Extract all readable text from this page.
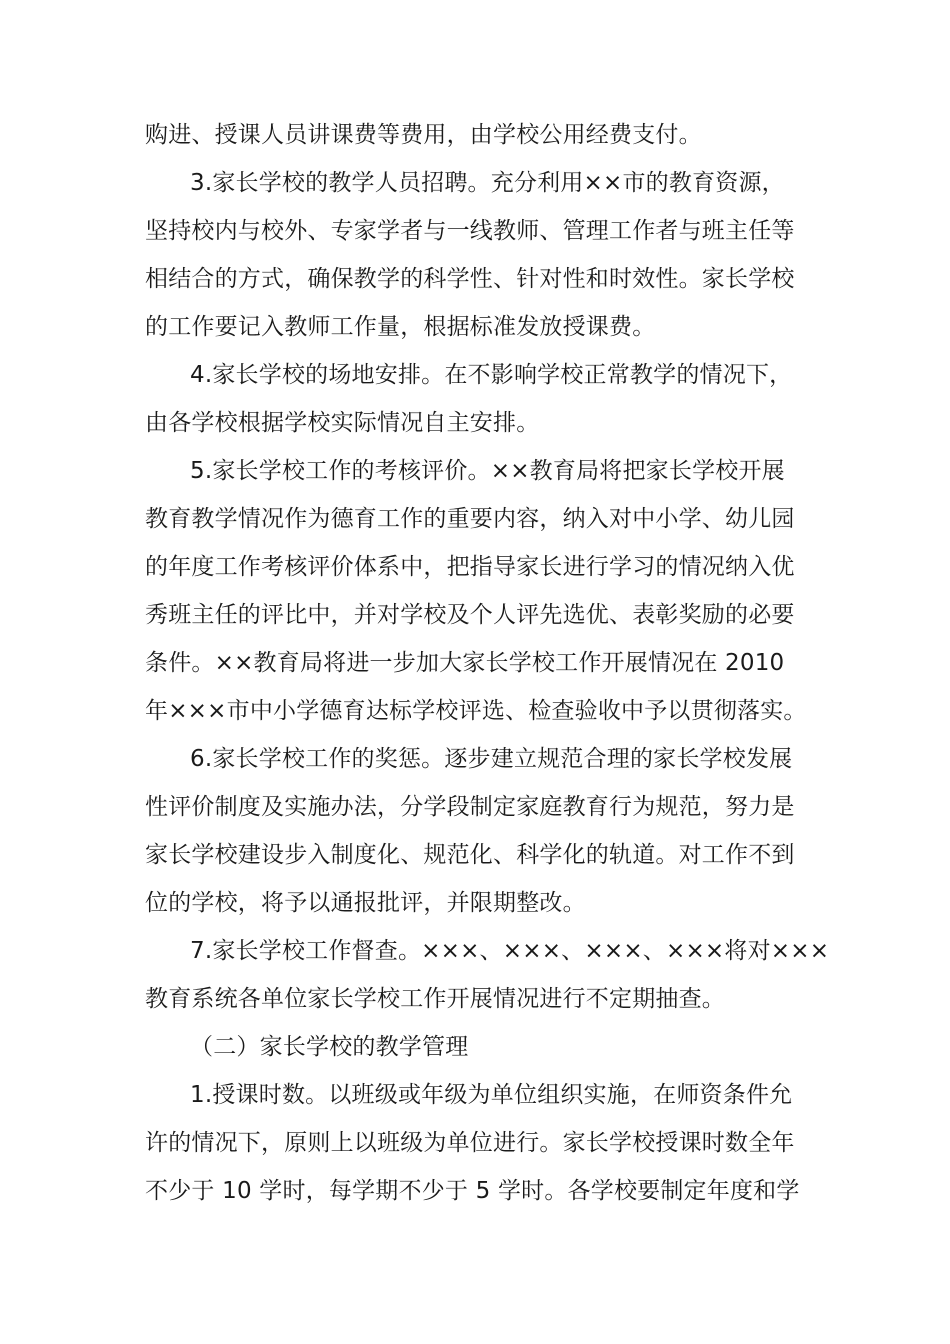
购进、授课人员讲课费等费用，由学校公用经费支付。
3.家长学校的教学人员招聘。充分利用××市的教育资源，
坚持校内与校外、专家学者与一线教师、管理工作者与班主任等
相结合的方式，确保教学的科学性、针对性和时效性。家长学校
的工作要记入教师工作量，根据标准发放授课费。
4.家长学校的场地安排。在不影响学校正常教学的情况下，
由各学校根据学校实际情况自主安排。
5.家长学校工作的考核评价。××教育局将把家长学校开展
教育教学情况作为德育工作的重要内容，纳入对中小学、幼儿园
的年度工作考核评价体系中，把指导家长进行学习的情况纳入优
秀班主任的评比中，并对学校及个人评先选优、表彰奖励的必要
条件。××教育局将进一步加大家长学校工作开展情况在 2010
年×××市中小学德育达标学校评选、检查验收中予以贯彻落实。
6.家长学校工作的奖惩。逐步建立规范合理的家长学校发展
性评价制度及实施办法，分学段制定家庭教育行为规范，努力是
家长学校建设步入制度化、规范化、科学化的轨道。对工作不到
位的学校，将予以通报批评，并限期整改。
7.家长学校工作督查。×××、×××、×××、×××将对×××
教育系统各单位家长学校工作开展情况进行不定期抽查。
（二）家长学校的教学管理
1.授课时数。以班级或年级为单位组织实施，在师资条件允
许的情况下，原则上以班级为单位进行。家长学校授课时数全年
不少于 10 学时，每学期不少于 5 学时。各学校要制定年度和学
